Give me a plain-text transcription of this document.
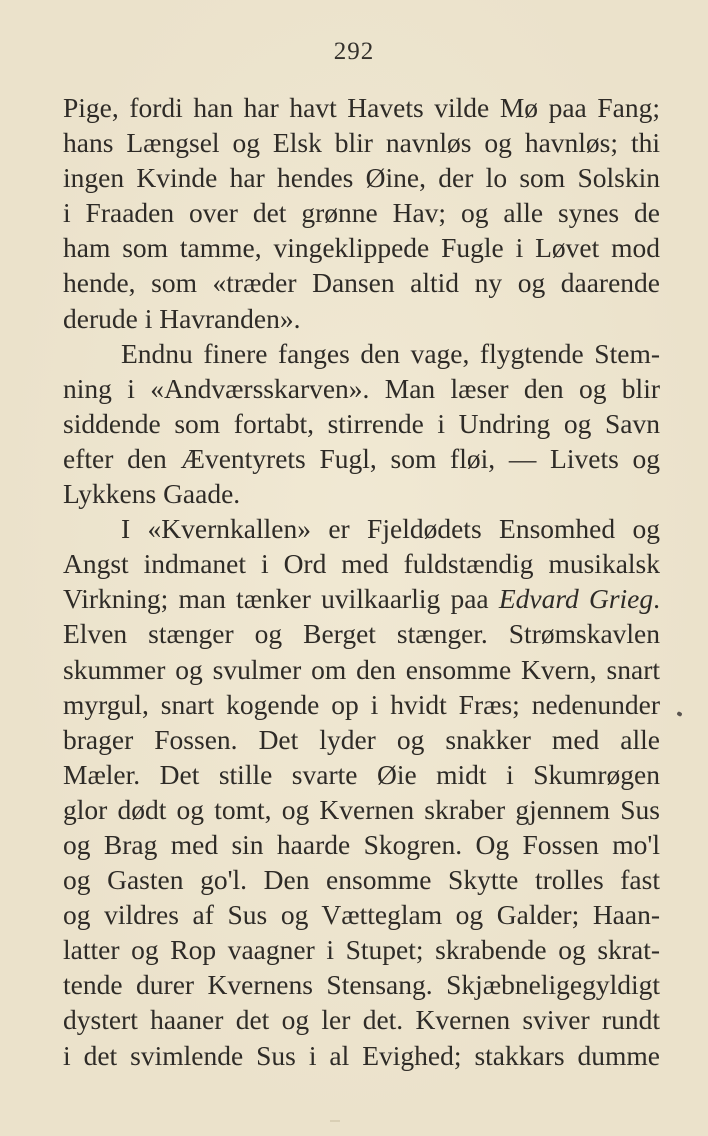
292
Pige, fordi han har havt Havets vilde Mø paa Fang;
hans Længsel og Elsk blir navnløs og havnløs; thi
ingen Kvinde har hendes Øine, der lo som Solskin
i Fraaden over det grønne Hav; og alle synes de
ham som tamme, vingeklippede Fugle i Løvet mod
hende, som «træder Dansen altid ny og daarende
derude i Havranden».
Endnu finere fanges den vage, flygtende Stem-
ning i «Andværsskarven». Man læser den og blir
siddende som fortabt, stirrende i Undring og Savn
efter den Æventyrets Fugl, som fløi, — Livets og
Lykkens Gaade.
I «Kvernkallen» er Fjeldødets Ensomhed og
Angst indmanet i Ord med fuldstændig musikalsk
Virkning; man tænker uvilkaarlig paa Edvard Grieg.
Elven stænger og Berget stænger. Strømskavlen
skummer og svulmer om den ensomme Kvern, snart
myrgul, snart kogende op i hvidt Fræs; nedenunder
brager Fossen. Det lyder og snakker med alle
Mæler. Det stille svarte Øie midt i Skumrøgen
glor dødt og tomt, og Kvernen skraber gjennem Sus
og Brag med sin haarde Skogren. Og Fossen mo'l
og Gasten go'l. Den ensomme Skytte trolles fast
og vildres af Sus og Vætteglam og Galder; Haan-
latter og Rop vaagner i Stupet; skrabende og skrat-
tende durer Kvernens Stensang. Skjæbneligegyldigt
dystert haaner det og ler det. Kvernen sviver rundt
i det svimlende Sus i al Evighed; stakkars dumme
